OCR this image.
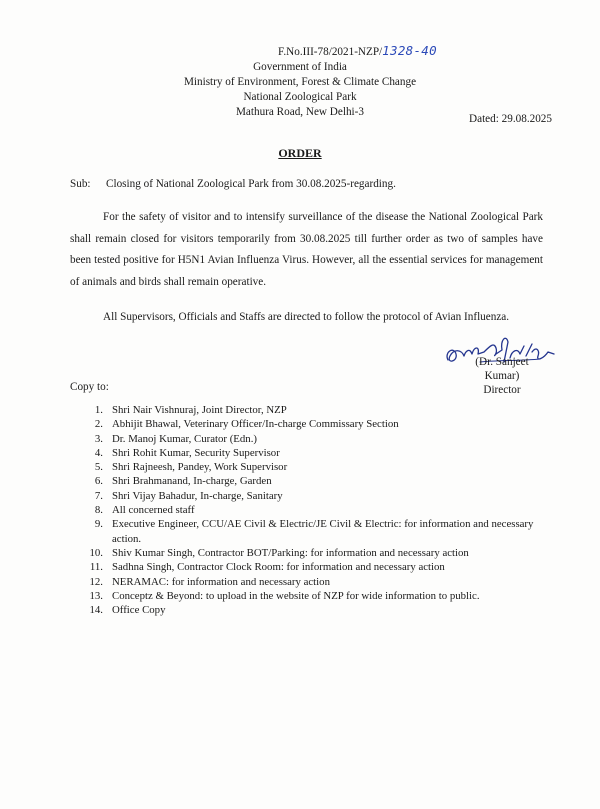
F.No.III-78/2021-NZP/1328-40
Government of India
Ministry of Environment, Forest & Climate Change
National Zoological Park
Mathura Road, New Delhi-3
Dated: 29.08.2025
ORDER
Sub: Closing of National Zoological Park from 30.08.2025-regarding.
For the safety of visitor and to intensify surveillance of the disease the National Zoological Park shall remain closed for visitors temporarily from 30.08.2025 till further order as two of samples have been tested positive for H5N1 Avian Influenza Virus. However, all the essential services for management of animals and birds shall remain operative.
All Supervisors, Officials and Staffs are directed to follow the protocol of Avian Influenza.
(Dr. Sanjeet Kumar)
Director
Copy to:
1. Shri Nair Vishnuraj, Joint Director, NZP
2. Abhijit Bhawal, Veterinary Officer/In-charge Commissary Section
3. Dr. Manoj Kumar, Curator (Edn.)
4. Shri Rohit Kumar, Security Supervisor
5. Shri Rajneesh, Pandey, Work Supervisor
6. Shri Brahmanand, In-charge, Garden
7. Shri Vijay Bahadur, In-charge, Sanitary
8. All concerned staff
9. Executive Engineer, CCU/AE Civil & Electric/JE Civil & Electric: for information and necessary action.
10. Shiv Kumar Singh, Contractor BOT/Parking: for information and necessary action
11. Sadhna Singh, Contractor Clock Room: for information and necessary action
12. NERAMAC: for information and necessary action
13. Conceptz & Beyond: to upload in the website of NZP for wide information to public.
14. Office Copy
